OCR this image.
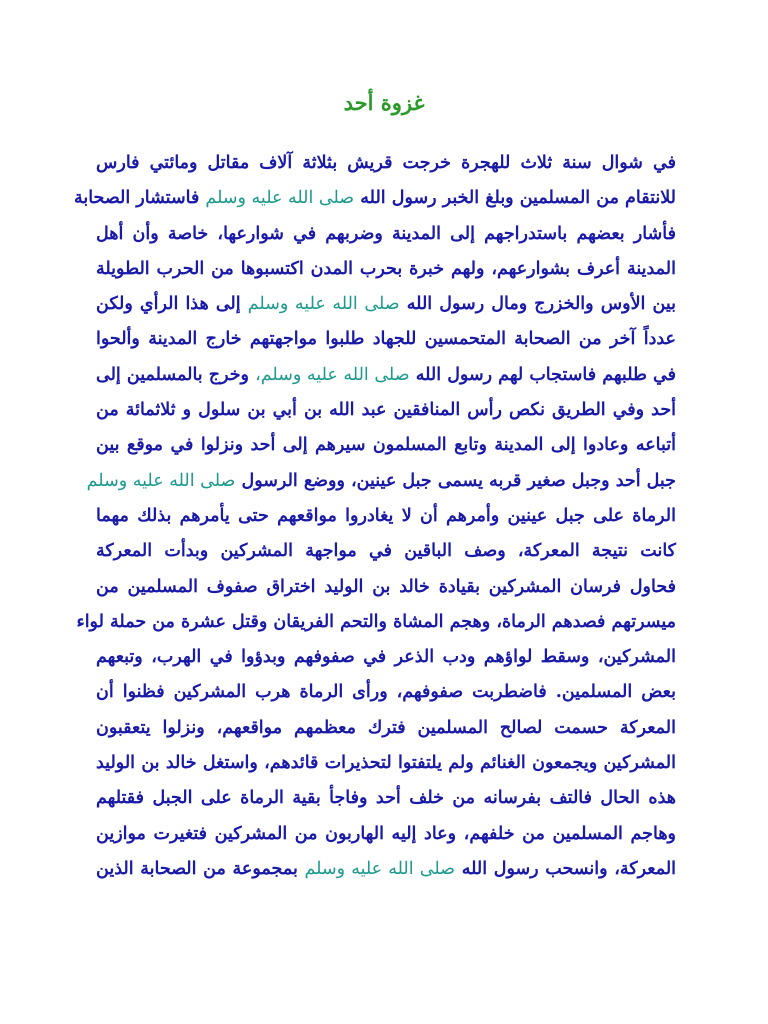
غزوة أحد
في شوال سنة ثلاث للهجرة خرجت قريش بثلاثة آلاف مقاتل ومائتي فارس
للانتقام من المسلمين وبلغ الخبر رسول الله صلى الله عليه وسلم فاستشار الصحابة
فأشار بعضهم باستدراجهم إلى المدينة وضربهم في شوارعها، خاصة وأن أهل
المدينة أعرف بشوارعهم، ولهم خبرة بحرب المدن اكتسبوها من الحرب الطويلة
بين الأوس والخزرج ومال رسول الله صلى الله عليه وسلم إلى هذا الرأي ولكن
عدداً آخر من الصحابة المتحمسين للجهاد طلبوا مواجهتهم خارج المدينة وألحوا
في طلبهم فاستجاب لهم رسول الله صلى الله عليه وسلم، وخرج بالمسلمين إلى
أحد وفي الطريق نكص رأس المنافقين عبد الله بن أبي بن سلول و ثلاثمائة من
أتباعه وعادوا إلى المدينة وتابع المسلمون سيرهم إلى أحد ونزلوا في موقع بين
جبل أحد وجبل صغير قربه يسمى جبل عينين، ووضع الرسول صلى الله عليه وسلم
الرماة على جبل عينين وأمرهم أن لا يغادروا مواقعهم حتى يأمرهم بذلك مهما
كانت نتيجة المعركة، وصف الباقين في مواجهة المشركين وبدأت المعركة
فحاول فرسان المشركين بقيادة خالد بن الوليد اختراق صفوف المسلمين من
ميسرتهم فصدهم الرماة، وهجم المشاة والتحم الفريقان وقتل عشرة من حملة لواء
المشركين، وسقط لواؤهم ودب الذعر في صفوفهم وبدؤوا في الهرب، وتبعهم
بعض المسلمين. فاضطربت صفوفهم، ورأى الرماة هرب المشركين فظنوا أن
المعركة حسمت لصالح المسلمين فترك معظمهم مواقعهم، ونزلوا يتعقبون
المشركين ويجمعون الغنائم ولم يلتفتوا لتحذيرات قائدهم، واستغل خالد بن الوليد
هذه الحال فالتف بفرسانه من خلف أحد وفاجأ بقية الرماة على الجبل فقتلهم
وهاجم المسلمين من خلفهم، وعاد إليه الهاربون من المشركين فتغيرت موازين
المعركة، وانسحب رسول الله صلى الله عليه وسلم بمجموعة من الصحابة الذين
